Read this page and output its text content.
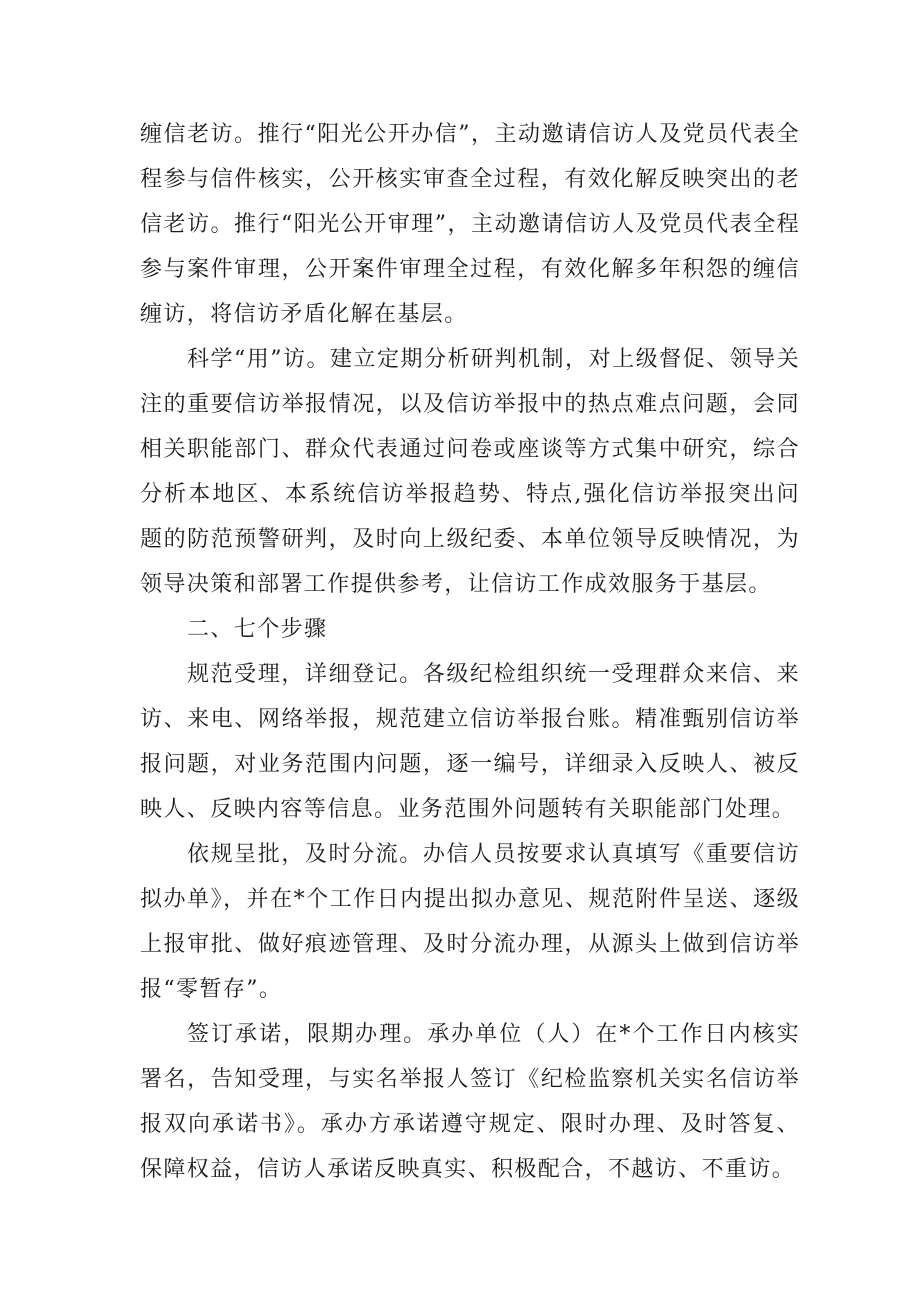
缠信老访。推行“阳光公开办信”，主动邀请信访人及党员代表全程参与信件核实，公开核实审查全过程，有效化解反映突出的老信老访。推行“阳光公开审理”，主动邀请信访人及党员代表全程参与案件审理，公开案件审理全过程，有效化解多年积怨的缠信缠访，将信访矛盾化解在基层。

科学“用”访。建立定期分析研判机制，对上级督促、领导关注的重要信访举报情况，以及信访举报中的热点难点问题，会同相关职能部门、群众代表通过问卷或座谈等方式集中研究，综合分析本地区、本系统信访举报趋势、特点,强化信访举报突出问题的防范预警研判，及时向上级纪委、本单位领导反映情况，为领导决策和部署工作提供参考，让信访工作成效服务于基层。

二、七个步骤

规范受理，详细登记。各级纪检组织统一受理群众来信、来访、来电、网络举报，规范建立信访举报台账。精准甄别信访举报问题，对业务范围内问题，逐一编号，详细录入反映人、被反映人、反映内容等信息。业务范围外问题转有关职能部门处理。

依规呈批，及时分流。办信人员按要求认真填写《重要信访拟办单》，并在*个工作日内提出拟办意见、规范附件呈送、逐级上报审批、做好痕迹管理、及时分流办理，从源头上做到信访举报“零暂存”。

签订承诺，限期办理。承办单位（人）在*个工作日内核实署名，告知受理，与实名举报人签订《纪检监察机关实名信访举报双向承诺书》。承办方承诺遵守规定、限时办理、及时答复、保障权益，信访人承诺反映真实、积极配合，不越访、不重访。
